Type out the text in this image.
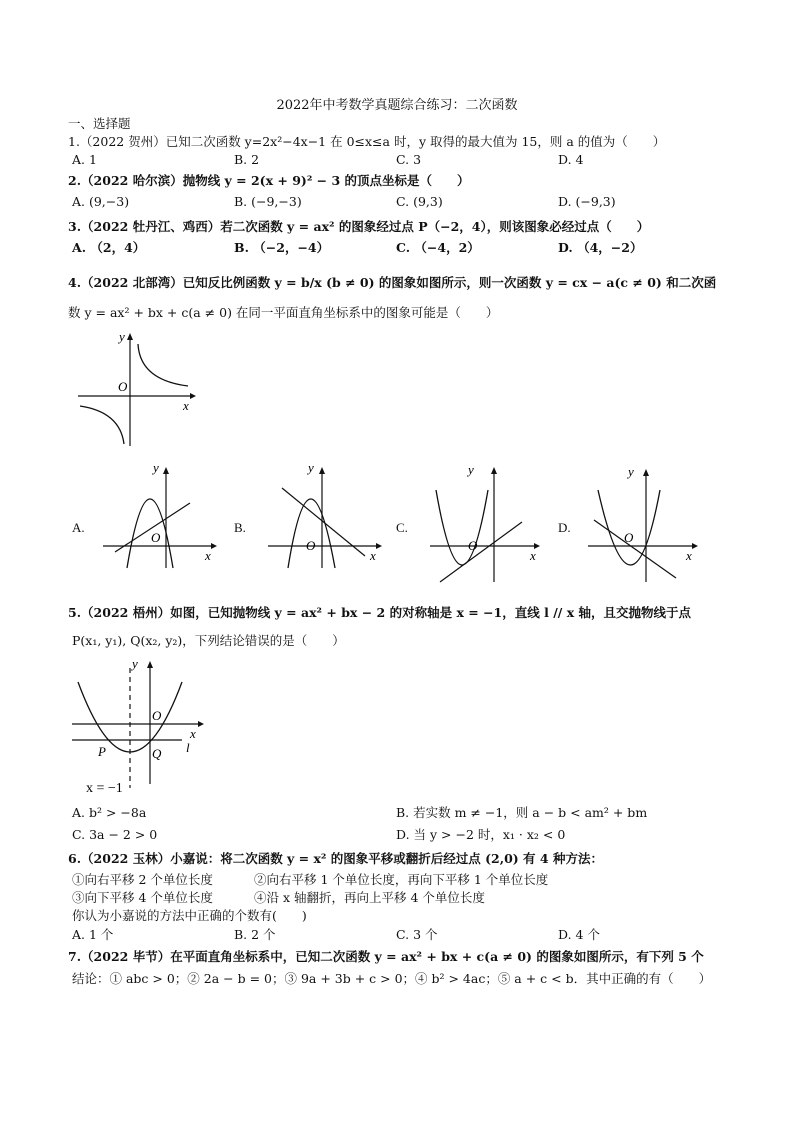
2022年中考数学真题综合练习：二次函数
一、选择题
1.（2022 贺州）已知二次函数 y=2x²−4x−1 在 0≤x≤a 时，y 取得的最大值为 15，则 a 的值为（　　）
A. 1	B. 2	C. 3	D. 4
2.（2022 哈尔滨）抛物线 y = 2(x + 9)² − 3 的顶点坐标是（　　）
A. (9,−3)	B. (−9,−3)	C. (9,3)	D. (−9,3)
3.（2022 牡丹江、鸡西）若二次函数 y = ax² 的图象经过点 P（−2，4），则该图象必经过点（　　）
A. （2，4）	B. （−2，−4）	C. （−4，2）	D. （4，−2）
4.（2022 北部湾）已知反比例函数 y = b/x (b ≠ 0) 的图象如图所示，则一次函数 y = cx − a(c ≠ 0) 和二次函
数 y = ax² + bx + c(a ≠ 0) 在同一平面直角坐标系中的图象可能是（　　）
O
x
y
A.
O
x
y
B.
O
x
y
C.
O
x
y
D.
O
x
y
5.（2022 梧州）如图，已知抛物线 y = ax² + bx − 2 的对称轴是 x = −1，直线 l // x 轴，且交抛物线于点
P(x₁, y₁), Q(x₂, y₂)，下列结论错误的是（　　）
y
O
x
l
P	Q
x = −1
A. b² > −8a	B. 若实数 m ≠ −1，则 a − b < am² + bm
C. 3a − 2 > 0	D. 当 y > −2 时，x₁ · x₂ < 0
6.（2022 玉林）小嘉说：将二次函数 y = x² 的图象平移或翻折后经过点 (2,0) 有 4 种方法：
①向右平移 2 个单位长度	②向右平移 1 个单位长度，再向下平移 1 个单位长度
③向下平移 4 个单位长度	④沿 x 轴翻折，再向上平移 4 个单位长度
你认为小嘉说的方法中正确的个数有(　　)
A. 1 个	B. 2 个	C. 3 个	D. 4 个
7.（2022 毕节）在平面直角坐标系中，已知二次函数 y = ax² + bx + c(a ≠ 0) 的图象如图所示，有下列 5 个
结论：① abc > 0；② 2a − b = 0；③ 9a + 3b + c > 0；④ b² > 4ac；⑤ a + c < b．其中正确的有（　　）
